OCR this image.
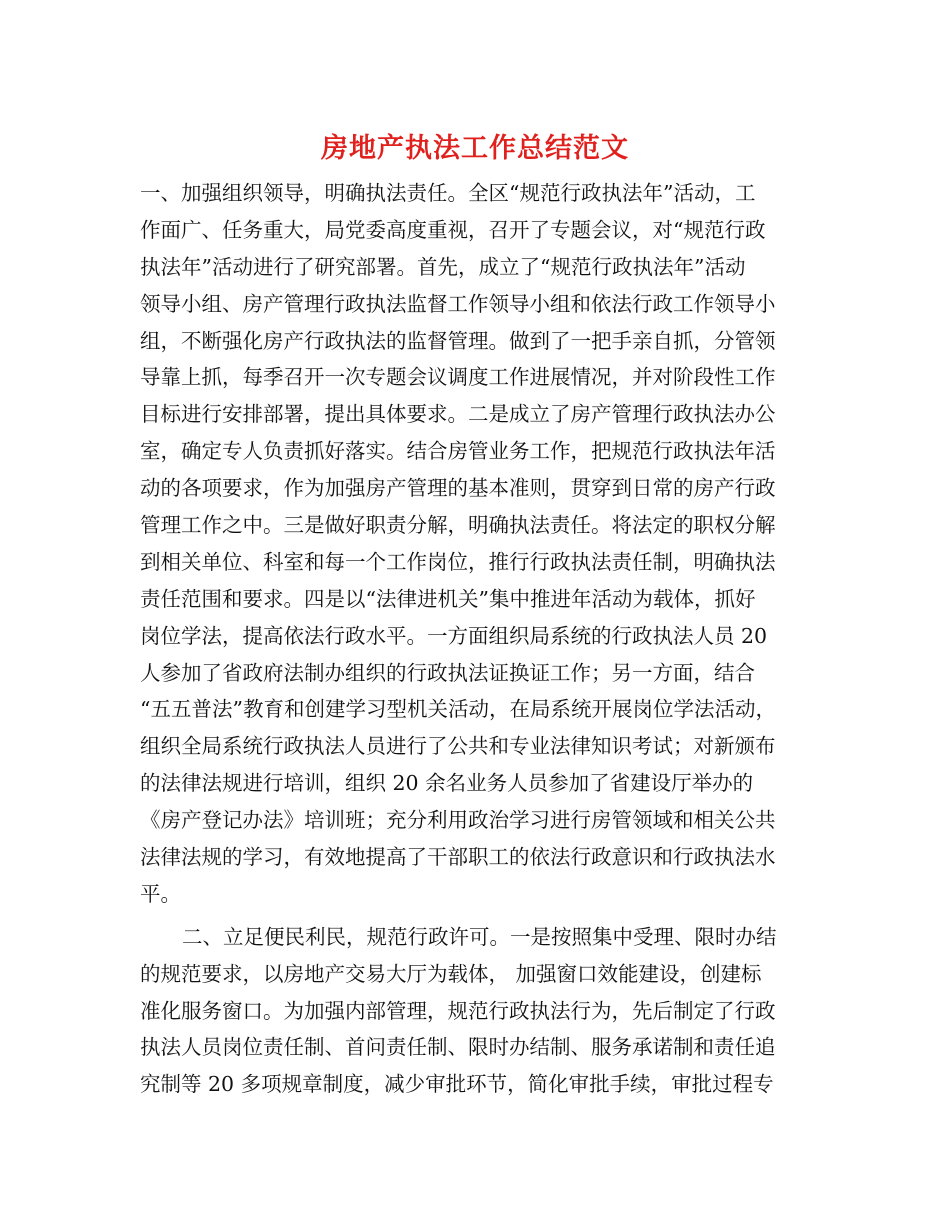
房地产执法工作总结范文
一、加强组织领导，明确执法责任。全区“规范行政执法年”活动，工
作面广、任务重大，局党委高度重视，召开了专题会议，对“规范行政
执法年”活动进行了研究部署。首先，成立了“规范行政执法年”活动
领导小组、房产管理行政执法监督工作领导小组和依法行政工作领导小
组，不断强化房产行政执法的监督管理。做到了一把手亲自抓，分管领
导靠上抓，每季召开一次专题会议调度工作进展情况，并对阶段性工作
目标进行安排部署，提出具体要求。二是成立了房产管理行政执法办公
室，确定专人负责抓好落实。结合房管业务工作，把规范行政执法年活
动的各项要求，作为加强房产管理的基本准则，贯穿到日常的房产行政
管理工作之中。三是做好职责分解，明确执法责任。将法定的职权分解
到相关单位、科室和每一个工作岗位，推行行政执法责任制，明确执法
责任范围和要求。四是以“法律进机关”集中推进年活动为载体，抓好
岗位学法，提高依法行政水平。一方面组织局系统的行政执法人员 20
人参加了省政府法制办组织的行政执法证换证工作；另一方面，结合
“五五普法”教育和创建学习型机关活动，在局系统开展岗位学法活动，
组织全局系统行政执法人员进行了公共和专业法律知识考试；对新颁布
的法律法规进行培训，组织 20 余名业务人员参加了省建设厅举办的
《房产登记办法》培训班；充分利用政治学习进行房管领域和相关公共
法律法规的学习，有效地提高了干部职工的依法行政意识和行政执法水
平。
二、立足便民利民，规范行政许可。一是按照集中受理、限时办结
的规范要求，以房地产交易大厅为载体， 加强窗口效能建设，创建标
准化服务窗口。为加强内部管理，规范行政执法行为，先后制定了行政
执法人员岗位责任制、首问责任制、限时办结制、服务承诺制和责任追
究制等 20 多项规章制度，减少审批环节，简化审批手续，审批过程专
